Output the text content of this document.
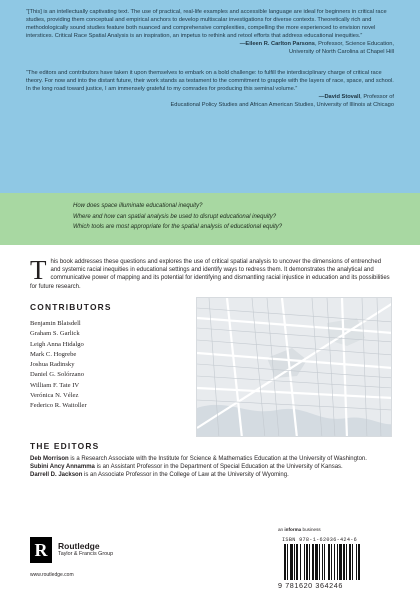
“[This] is an intellectually captivating text. The use of practical, real-life examples and accessible language are ideal for beginners in critical race studies, providing them conceptual and empirical anchors to develop multiscalar investigations for diverse contexts. Theoretically rich and methodologically sound studies feature both nuanced and comprehensive complexities, compelling the more experienced to envision novel interstices. Critical Race Spatial Analysis is an inspiration, an impetus to rethink and retool efforts that address educational inequities.”

—Eileen R. Carlton Parsons, Professor, Science Education,

University of North Carolina at Chapel Hill

“The editors and contributors have taken it upon themselves to embark on a bold challenge: to fulfill the interdisciplinary charge of critical race theory. For now and into the distant future, their work stands as testament to the commitment to grapple with the layers of race, space, and school. In the long road toward justice, I am immensely grateful to my comrades for producing this seminal volume.”

—David Stovall, Professor of

Educational Policy Studies and African American Studies, University of Illinois at Chicago

How does space illuminate educational inequity?

Where and how can spatial analysis be used to disrupt educational inequity?

Which tools are most appropriate for the spatial analysis of educational equity?

T his book addresses these questions and explores the use of critical spatial analysis to uncover the dimensions of entrenched and systemic racial inequities in educational settings and identify ways to redress them. It demonstrates the analytical and communicative power of mapping and its potential for identifying and dismantling racial injustice in education and its possibilities for future research.
CONTRIBUTORS
Benjamin Blaisdell
Graham S. Garlick
Leigh Anna Hidalgo
Mark C. Hogrebe
Joshua Radinsky
Daniel G. Solórzano
William F. Tate IV
Verónica N. Vélez
Federico R. Waitoller
THE EDITORS

Deb Morrison is a Research Associate with the Institute for Science & Mathematics Education at the University of Washington.

Subini Ancy Annamma is an Assistant Professor in the Department of Special Education at the University of Kansas.

Darrell D. Jackson is an Associate Professor in the College of Law at the University of Wyoming.

R	Routledge
Taylor & Francis Group
www.routledge.com
an informa business
ISBN 978-1-62036-424-6
9 781620 364246
